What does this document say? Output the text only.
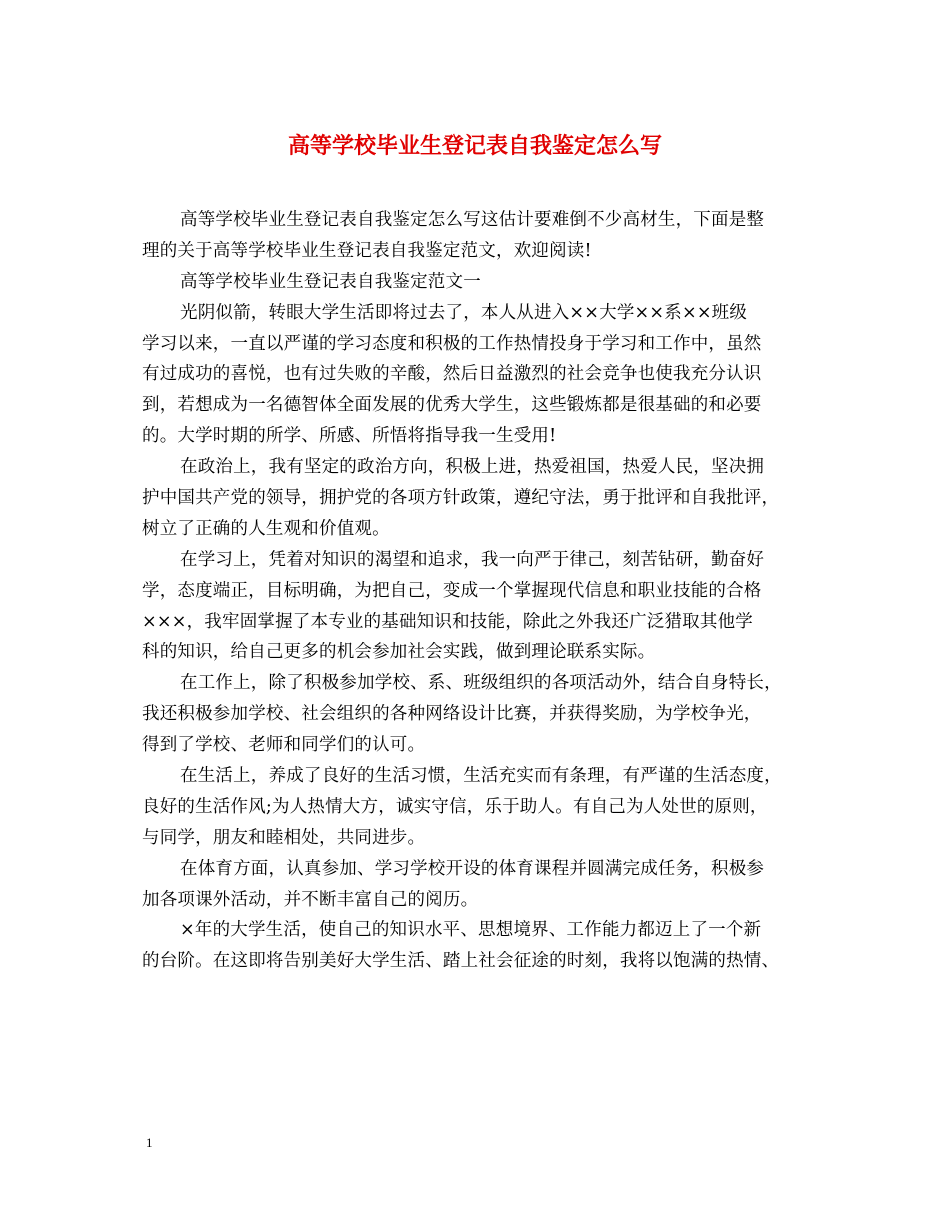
高等学校毕业生登记表自我鉴定怎么写
高等学校毕业生登记表自我鉴定怎么写这估计要难倒不少高材生，下面是整
理的关于高等学校毕业生登记表自我鉴定范文，欢迎阅读!
高等学校毕业生登记表自我鉴定范文一
光阴似箭，转眼大学生活即将过去了，本人从进入××大学××系××班级
学习以来，一直以严谨的学习态度和积极的工作热情投身于学习和工作中，虽然
有过成功的喜悦，也有过失败的辛酸，然后日益激烈的社会竞争也使我充分认识
到，若想成为一名德智体全面发展的优秀大学生，这些锻炼都是很基础的和必要
的。大学时期的所学、所感、所悟将指导我一生受用!
在政治上，我有坚定的政治方向，积极上进，热爱祖国，热爱人民，坚决拥
护中国共产党的领导，拥护党的各项方针政策，遵纪守法，勇于批评和自我批评，
树立了正确的人生观和价值观。
在学习上，凭着对知识的渴望和追求，我一向严于律己，刻苦钻研，勤奋好
学，态度端正，目标明确，为把自己，变成一个掌握现代信息和职业技能的合格
×××，我牢固掌握了本专业的基础知识和技能，除此之外我还广泛猎取其他学
科的知识，给自己更多的机会参加社会实践，做到理论联系实际。
在工作上，除了积极参加学校、系、班级组织的各项活动外，结合自身特长，
我还积极参加学校、社会组织的各种网络设计比赛，并获得奖励，为学校争光，
得到了学校、老师和同学们的认可。
在生活上，养成了良好的生活习惯，生活充实而有条理，有严谨的生活态度，
良好的生活作风;为人热情大方，诚实守信，乐于助人。有自己为人处世的原则，
与同学，朋友和睦相处，共同进步。
在体育方面，认真参加、学习学校开设的体育课程并圆满完成任务，积极参
加各项课外活动，并不断丰富自己的阅历。
×年的大学生活，使自己的知识水平、思想境界、工作能力都迈上了一个新
的台阶。在这即将告别美好大学生活、踏上社会征途的时刻，我将以饱满的热情、
1
